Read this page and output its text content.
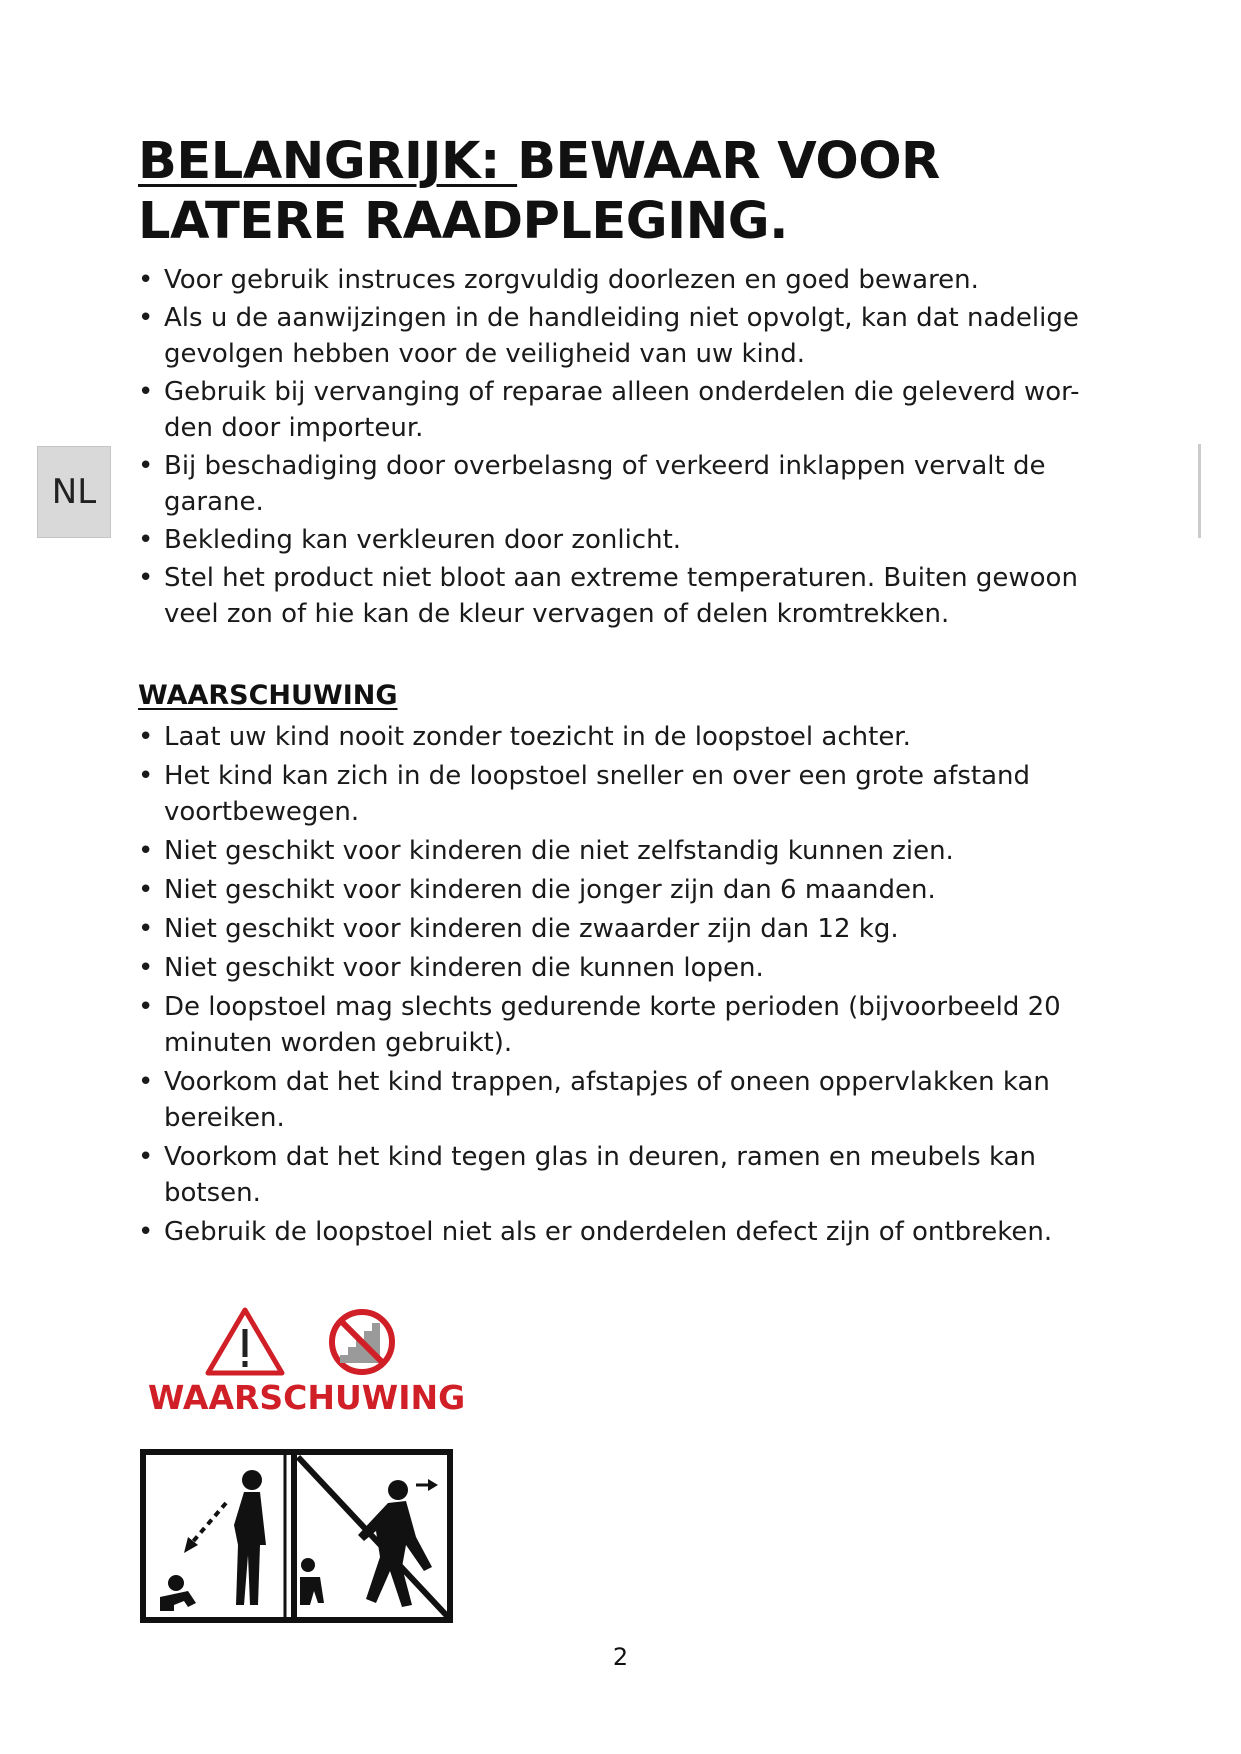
BELANGRIJK: BEWAAR VOOR
LATERE RAADPLEGING.
• Voor gebruik instruces zorgvuldig doorlezen en goed bewaren.
• Als u de aanwijzingen in de handleiding niet opvolgt, kan dat nadelige gevolgen hebben voor de veiligheid van uw kind.
• Gebruik bij vervanging of reparae alleen onderdelen die geleverd wor-den door importeur.
• Bij beschadiging door overbelasng of verkeerd inklappen vervalt de garane.
• Bekleding kan verkleuren door zonlicht.
• Stel het product niet bloot aan extreme temperaturen. Buiten gewoon veel zon of hie kan de kleur vervagen of delen kromtrekken.
NL
WAARSCHUWING
• Laat uw kind nooit zonder toezicht in de loopstoel achter.
• Het kind kan zich in de loopstoel sneller en over een grote afstand voortbewegen.
• Niet geschikt voor kinderen die niet zelfstandig kunnen zien.
• Niet geschikt voor kinderen die jonger zijn dan 6 maanden.
• Niet geschikt voor kinderen die zwaarder zijn dan 12 kg.
• Niet geschikt voor kinderen die kunnen lopen.
• De loopstoel mag slechts gedurende korte perioden (bijvoorbeeld 20 minuten worden gebruikt).
• Voorkom dat het kind trappen, afstapjes of oneen oppervlakken kan bereiken.
• Voorkom dat het kind tegen glas in deuren, ramen en meubels kan botsen.
• Gebruik de loopstoel niet als er onderdelen defect zijn of ontbreken.
WAARSCHUWING
2
